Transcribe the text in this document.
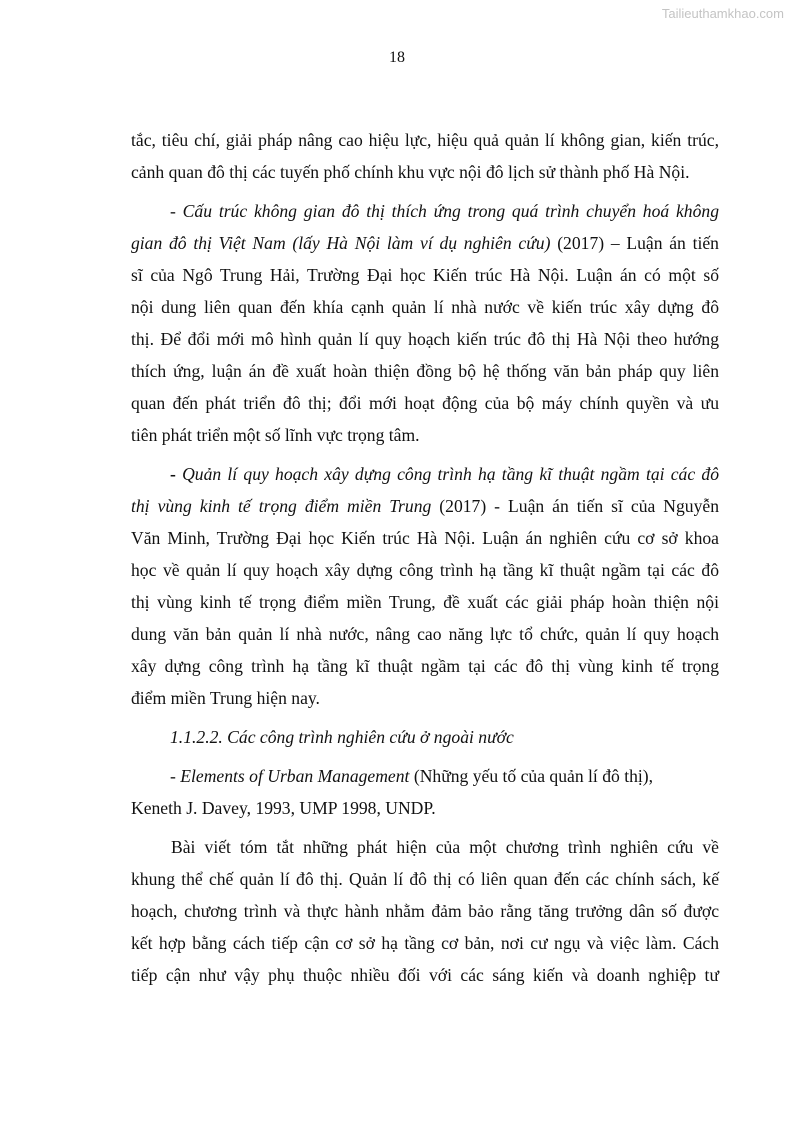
Tailieuthamkhao.com
18
tắc, tiêu chí, giải pháp nâng cao hiệu lực, hiệu quả quản lí không gian, kiến trúc,
cảnh quan đô thị các tuyến phố chính khu vực nội đô lịch sử thành phố Hà Nội.
- Cấu trúc không gian đô thị thích ứng trong quá trình chuyển hoá không
gian đô thị Việt Nam (lấy Hà Nội làm ví dụ nghiên cứu) (2017) – Luận án tiến
sĩ của Ngô Trung Hải, Trường Đại học Kiến trúc Hà Nội. Luận án có một số
nội dung liên quan đến khía cạnh quản lí nhà nước về kiến trúc xây dựng đô
thị. Để đổi mới mô hình quản lí quy hoạch kiến trúc đô thị Hà Nội theo hướng
thích ứng, luận án đề xuất hoàn thiện đồng bộ hệ thống văn bản pháp quy liên
quan đến phát triển đô thị; đổi mới hoạt động của bộ máy chính quyền và ưu
tiên phát triển một số lĩnh vực trọng tâm.
- Quản lí quy hoạch xây dựng công trình hạ tầng kĩ thuật ngầm tại các đô
thị vùng kinh tế trọng điểm miền Trung (2017) - Luận án tiến sĩ của Nguyễn
Văn Minh, Trường Đại học Kiến trúc Hà Nội. Luận án nghiên cứu cơ sở khoa
học về quản lí quy hoạch xây dựng công trình hạ tầng kĩ thuật ngầm tại các đô
thị vùng kinh tế trọng điểm miền Trung, đề xuất các giải pháp hoàn thiện nội
dung văn bản quản lí nhà nước, nâng cao năng lực tổ chức, quản lí quy hoạch
xây dựng công trình hạ tầng kĩ thuật ngầm tại các đô thị vùng kinh tế trọng
điểm miền Trung hiện nay.
1.1.2.2. Các công trình nghiên cứu ở ngoài nước
- Elements of Urban Management (Những yếu tố của quản lí đô thị),
Keneth J. Davey, 1993, UMP 1998, UNDP.
Bài viết tóm tắt những phát hiện của một chương trình nghiên cứu về
khung thể chế quản lí đô thị. Quản lí đô thị có liên quan đến các chính sách, kế
hoạch, chương trình và thực hành nhằm đảm bảo rằng tăng trưởng dân số được
kết hợp bằng cách tiếp cận cơ sở hạ tầng cơ bản, nơi cư ngụ và việc làm. Cách
tiếp cận như vậy phụ thuộc nhiều đối với các sáng kiến và doanh nghiệp tư
